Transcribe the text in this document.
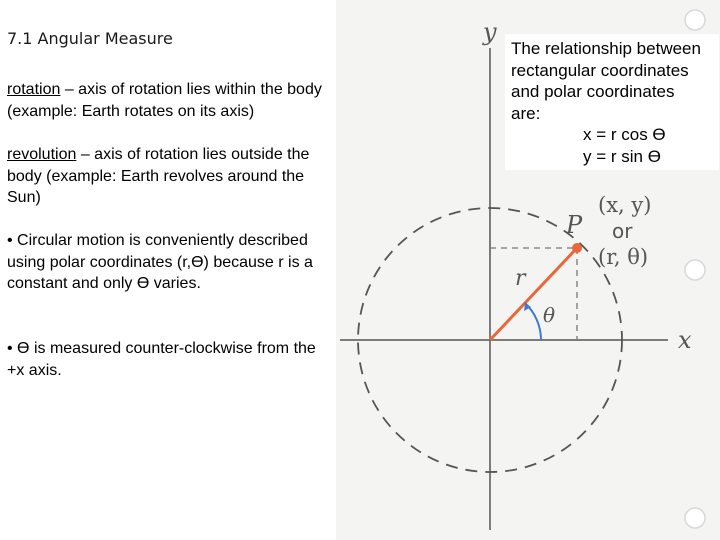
7.1 Angular Measure
rotation – axis of rotation lies within the body (example: Earth rotates on its axis)
revolution – axis of rotation lies outside the body (example: Earth revolves around the Sun)
• Circular motion is conveniently described using polar coordinates (r,ϴ) because r is a constant and only ϴ varies.
• ϴ is measured counter-clockwise from the +x axis.
y
x
P
(x, y)
or
(r, θ)
r
θ
The relationship between
rectangular coordinates
and polar coordinates
are:
x = r cos ϴ
y = r sin ϴ
